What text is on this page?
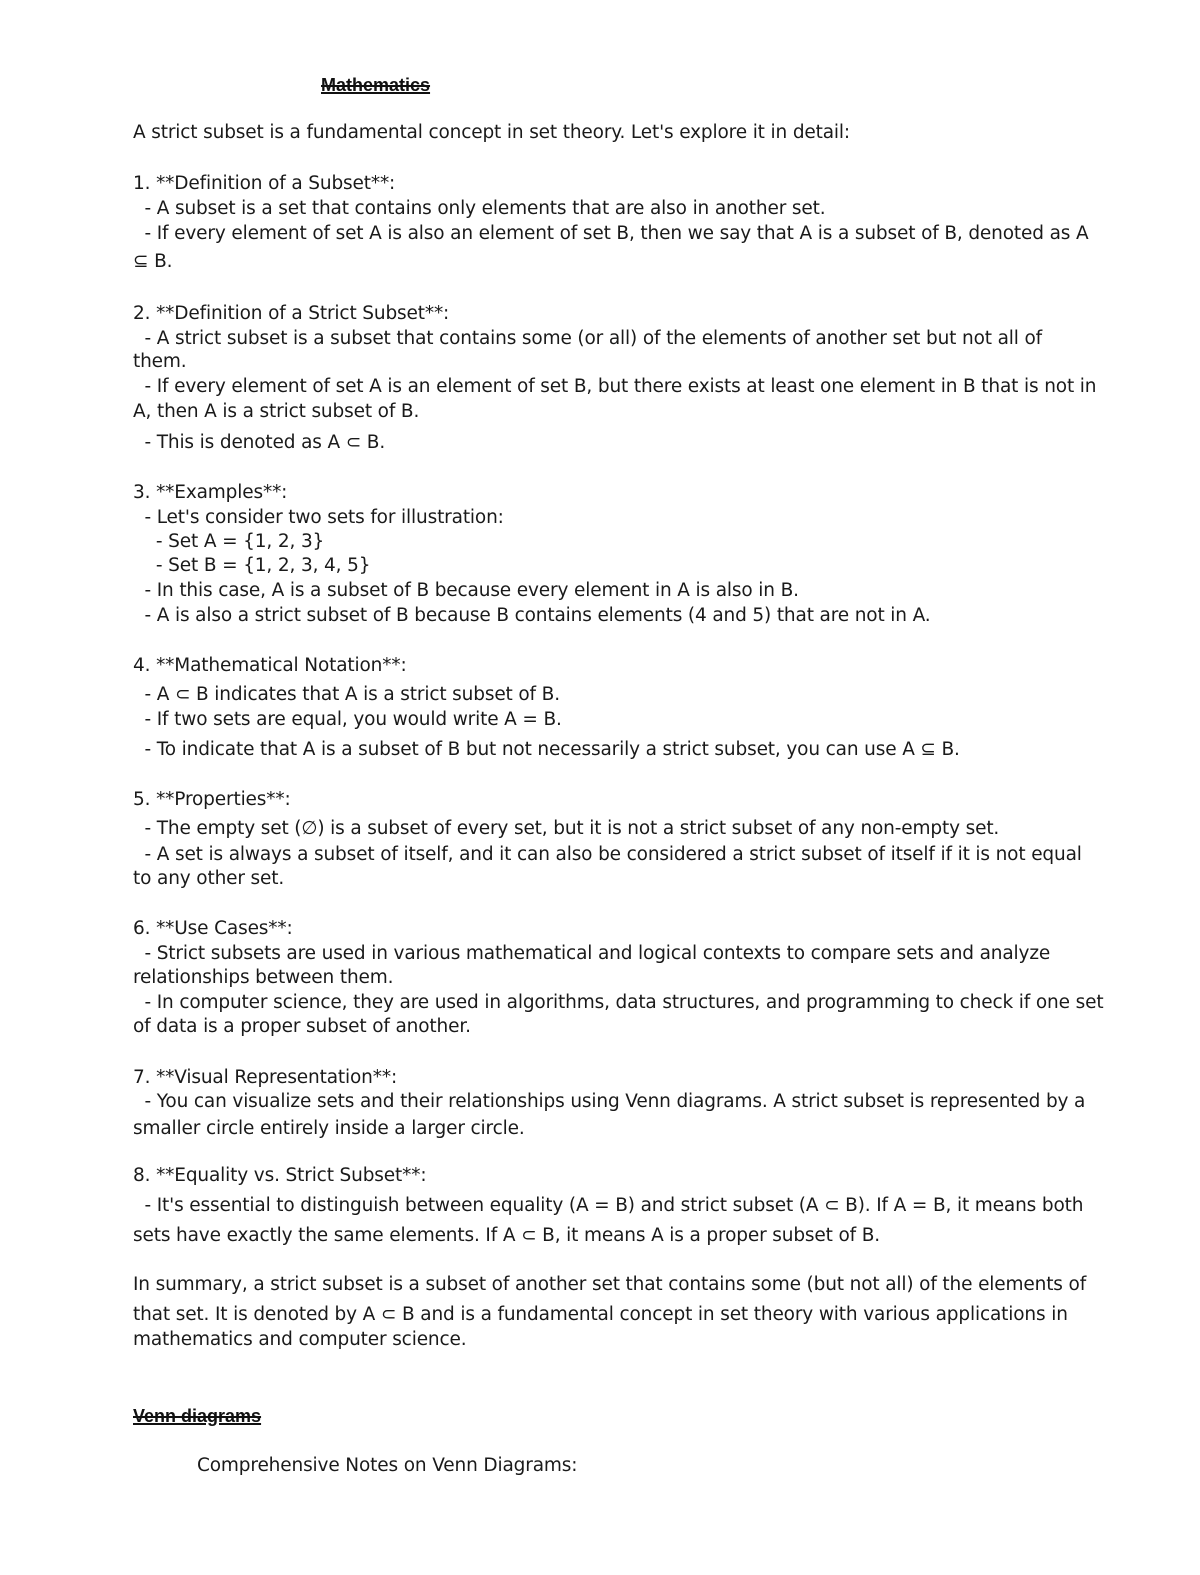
Mathematics
A strict subset is a fundamental concept in set theory. Let's explore it in detail:
1. **Definition of a Subset**:
- A subset is a set that contains only elements that are also in another set.
- If every element of set A is also an element of set B, then we say that A is a subset of B, denoted as A
⊆ B.
2. **Definition of a Strict Subset**:
- A strict subset is a subset that contains some (or all) of the elements of another set but not all of
them.
- If every element of set A is an element of set B, but there exists at least one element in B that is not in
A, then A is a strict subset of B.
- This is denoted as A ⊂ B.
3. **Examples**:
- Let's consider two sets for illustration:
- Set A = {1, 2, 3}
- Set B = {1, 2, 3, 4, 5}
- In this case, A is a subset of B because every element in A is also in B.
- A is also a strict subset of B because B contains elements (4 and 5) that are not in A.
4. **Mathematical Notation**:
- A ⊂ B indicates that A is a strict subset of B.
- If two sets are equal, you would write A = B.
- To indicate that A is a subset of B but not necessarily a strict subset, you can use A ⊆ B.
5. **Properties**:
- The empty set (∅) is a subset of every set, but it is not a strict subset of any non-empty set.
- A set is always a subset of itself, and it can also be considered a strict subset of itself if it is not equal
to any other set.
6. **Use Cases**:
- Strict subsets are used in various mathematical and logical contexts to compare sets and analyze
relationships between them.
- In computer science, they are used in algorithms, data structures, and programming to check if one set
of data is a proper subset of another.
7. **Visual Representation**:
- You can visualize sets and their relationships using Venn diagrams. A strict subset is represented by a
smaller circle entirely inside a larger circle.
8. **Equality vs. Strict Subset**:
- It's essential to distinguish between equality (A = B) and strict subset (A ⊂ B). If A = B, it means both
sets have exactly the same elements. If A ⊂ B, it means A is a proper subset of B.
In summary, a strict subset is a subset of another set that contains some (but not all) of the elements of
that set. It is denoted by A ⊂ B and is a fundamental concept in set theory with various applications in
mathematics and computer science.
Venn diagrams
Comprehensive Notes on Venn Diagrams:
